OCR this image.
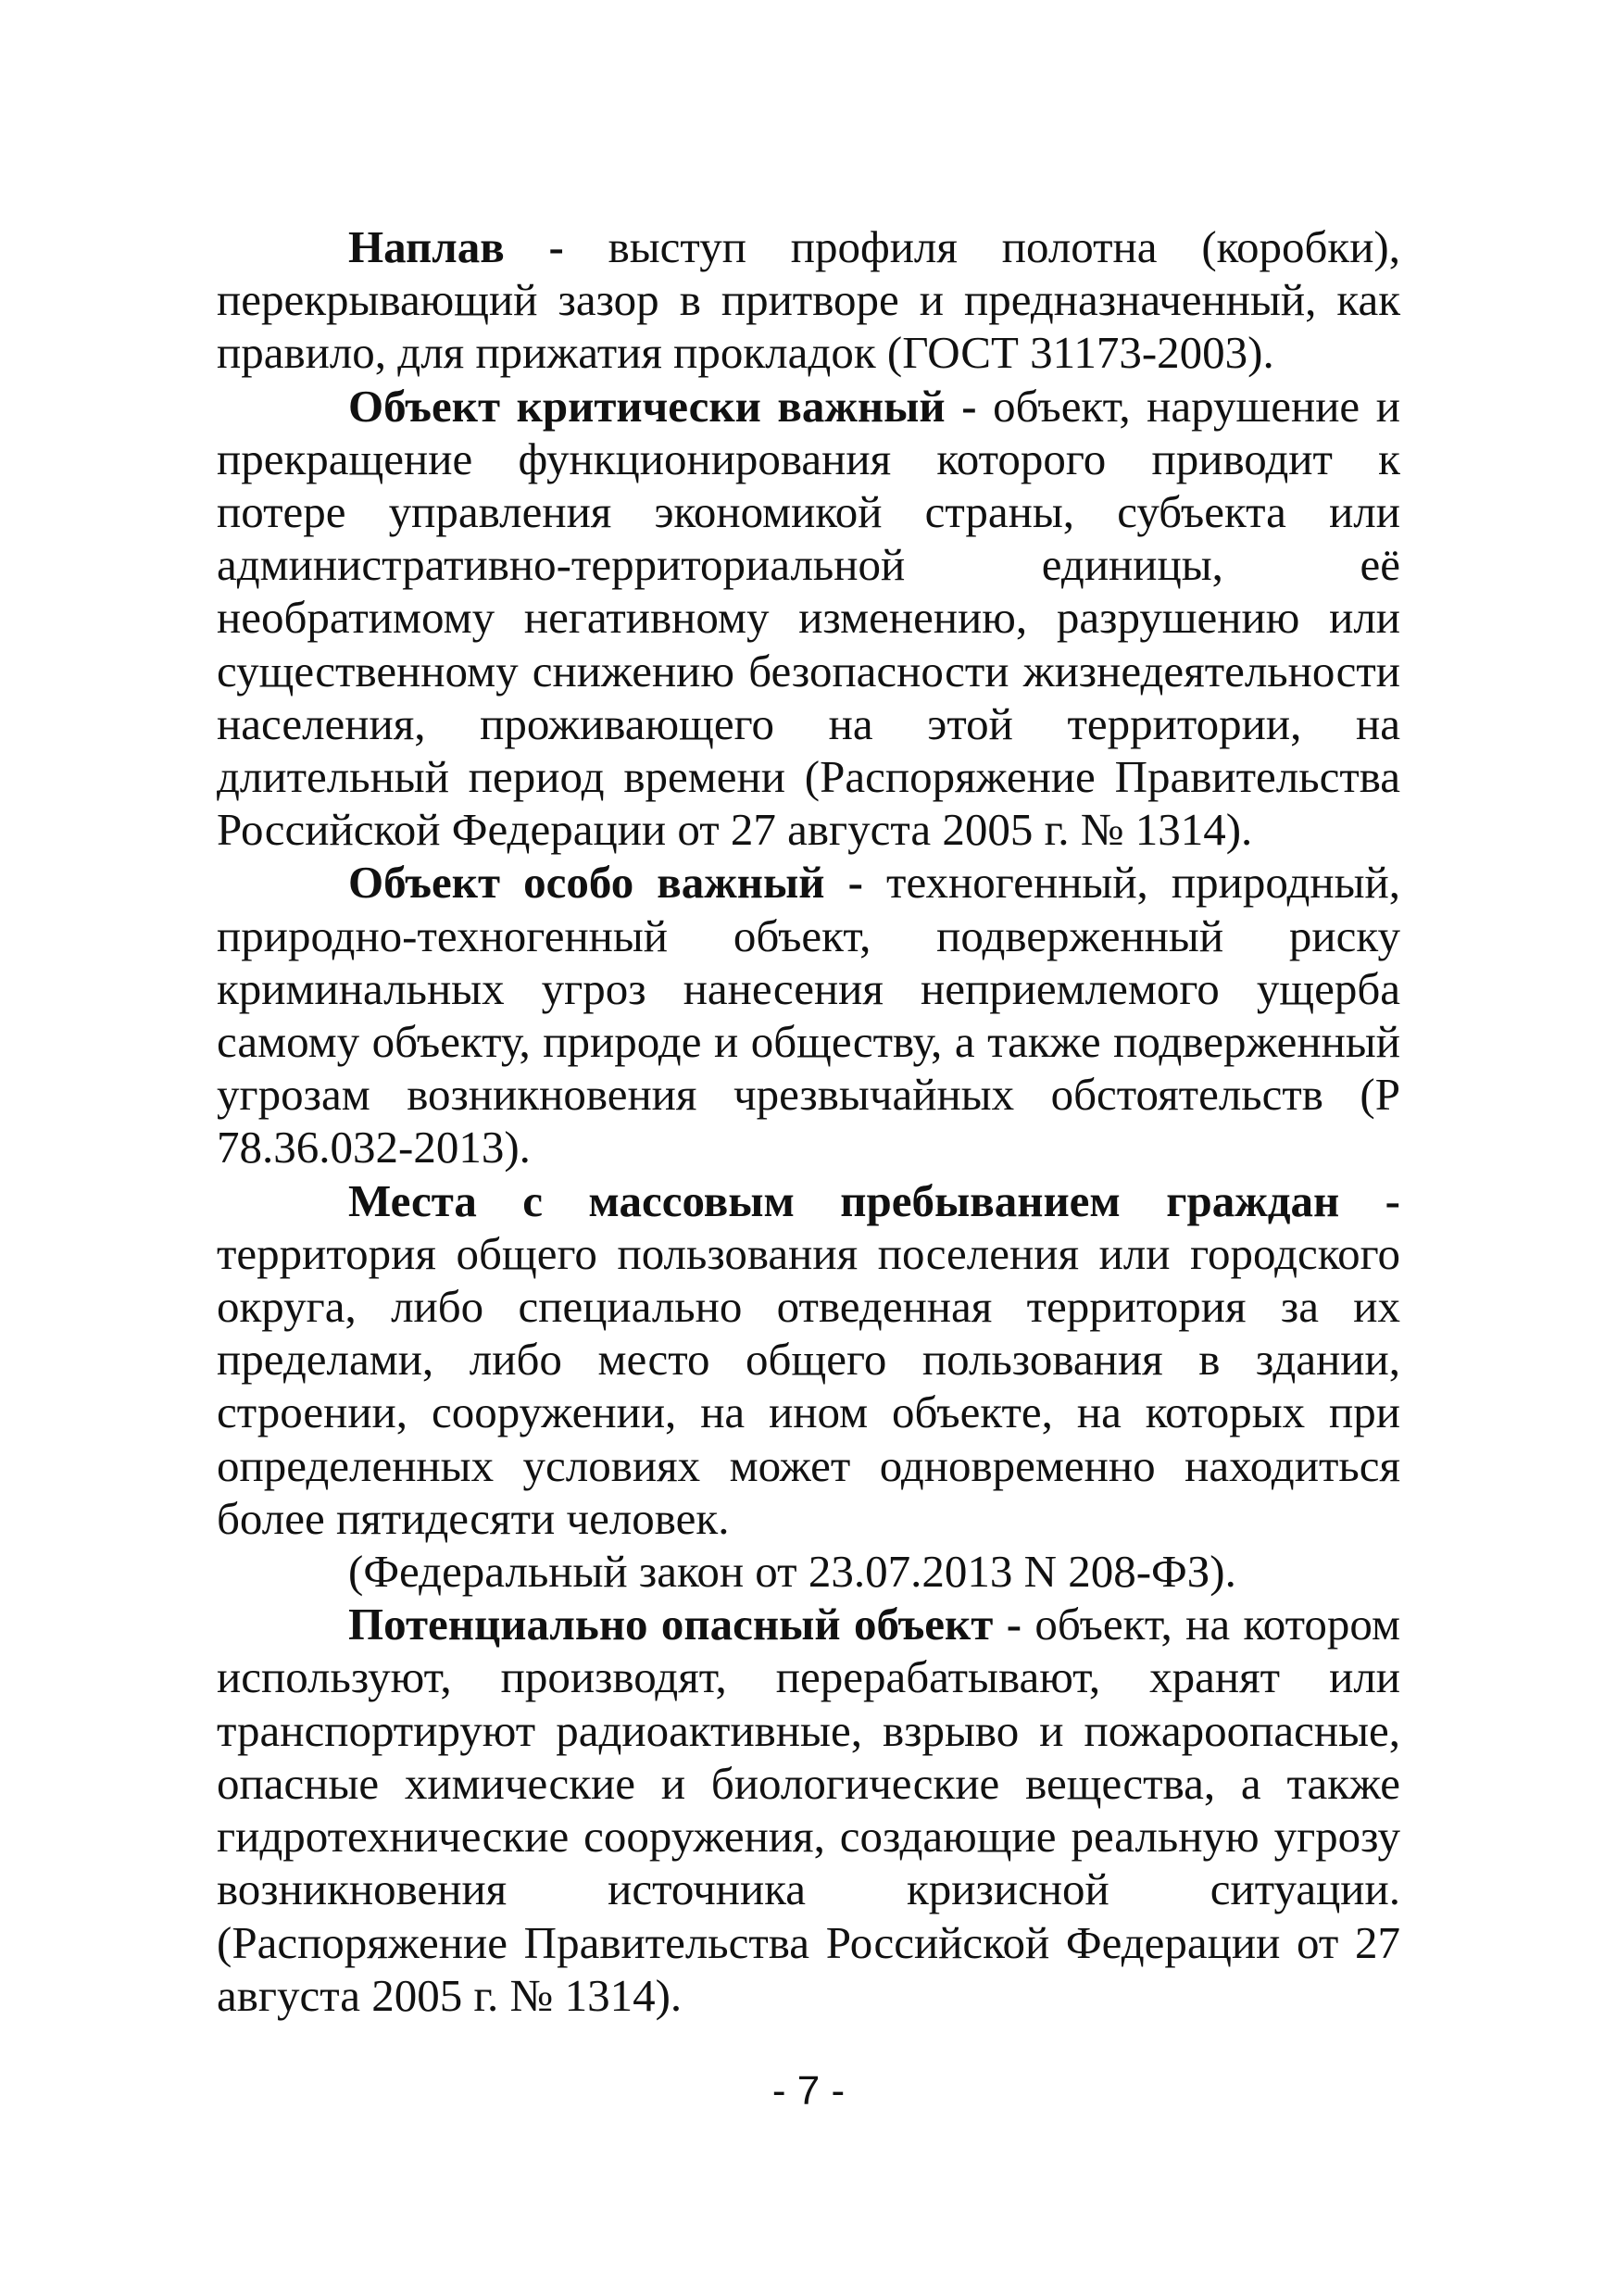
Наплав - выступ профиля полотна (коробки), перекрывающий зазор в притворе и предназначенный, как правило, для прижатия прокладок (ГОСТ 31173-2003).

Объект критически важный - объект, нарушение и прекращение функционирования которого приводит к потере управления экономикой страны, субъекта или административно-территориальной единицы, её необратимому негативному изменению, разрушению или существенному снижению безопасности жизнедеятельности населения, проживающего на этой территории, на длительный период времени (Распоряжение Правительства Российской Федерации от 27 августа 2005 г. № 1314).

Объект особо важный - техногенный, природный, природно-техногенный объект, подверженный риску криминальных угроз нанесения неприемлемого ущерба самому объекту, природе и обществу, а также подверженный угрозам возникновения чрезвычайных обстоятельств (Р 78.36.032-2013).

Места с массовым пребыванием граждан - территория общего пользования поселения или городского округа, либо специально отведенная территория за их пределами, либо место общего пользования в здании, строении, сооружении, на ином объекте, на которых при определенных условиях может одновременно находиться более пятидесяти человек.

(Федеральный закон от 23.07.2013 N 208-ФЗ).

Потенциально опасный объект - объект, на котором используют, производят, перерабатывают, хранят или транспортируют радиоактивные, взрыво и пожароопасные, опасные химические и биологические вещества, а также гидротехнические сооружения, создающие реальную угрозу возникновения источника кризисной ситуации. (Распоряжение Правительства Российской Федерации от 27 августа 2005 г. № 1314).

- 7 -
